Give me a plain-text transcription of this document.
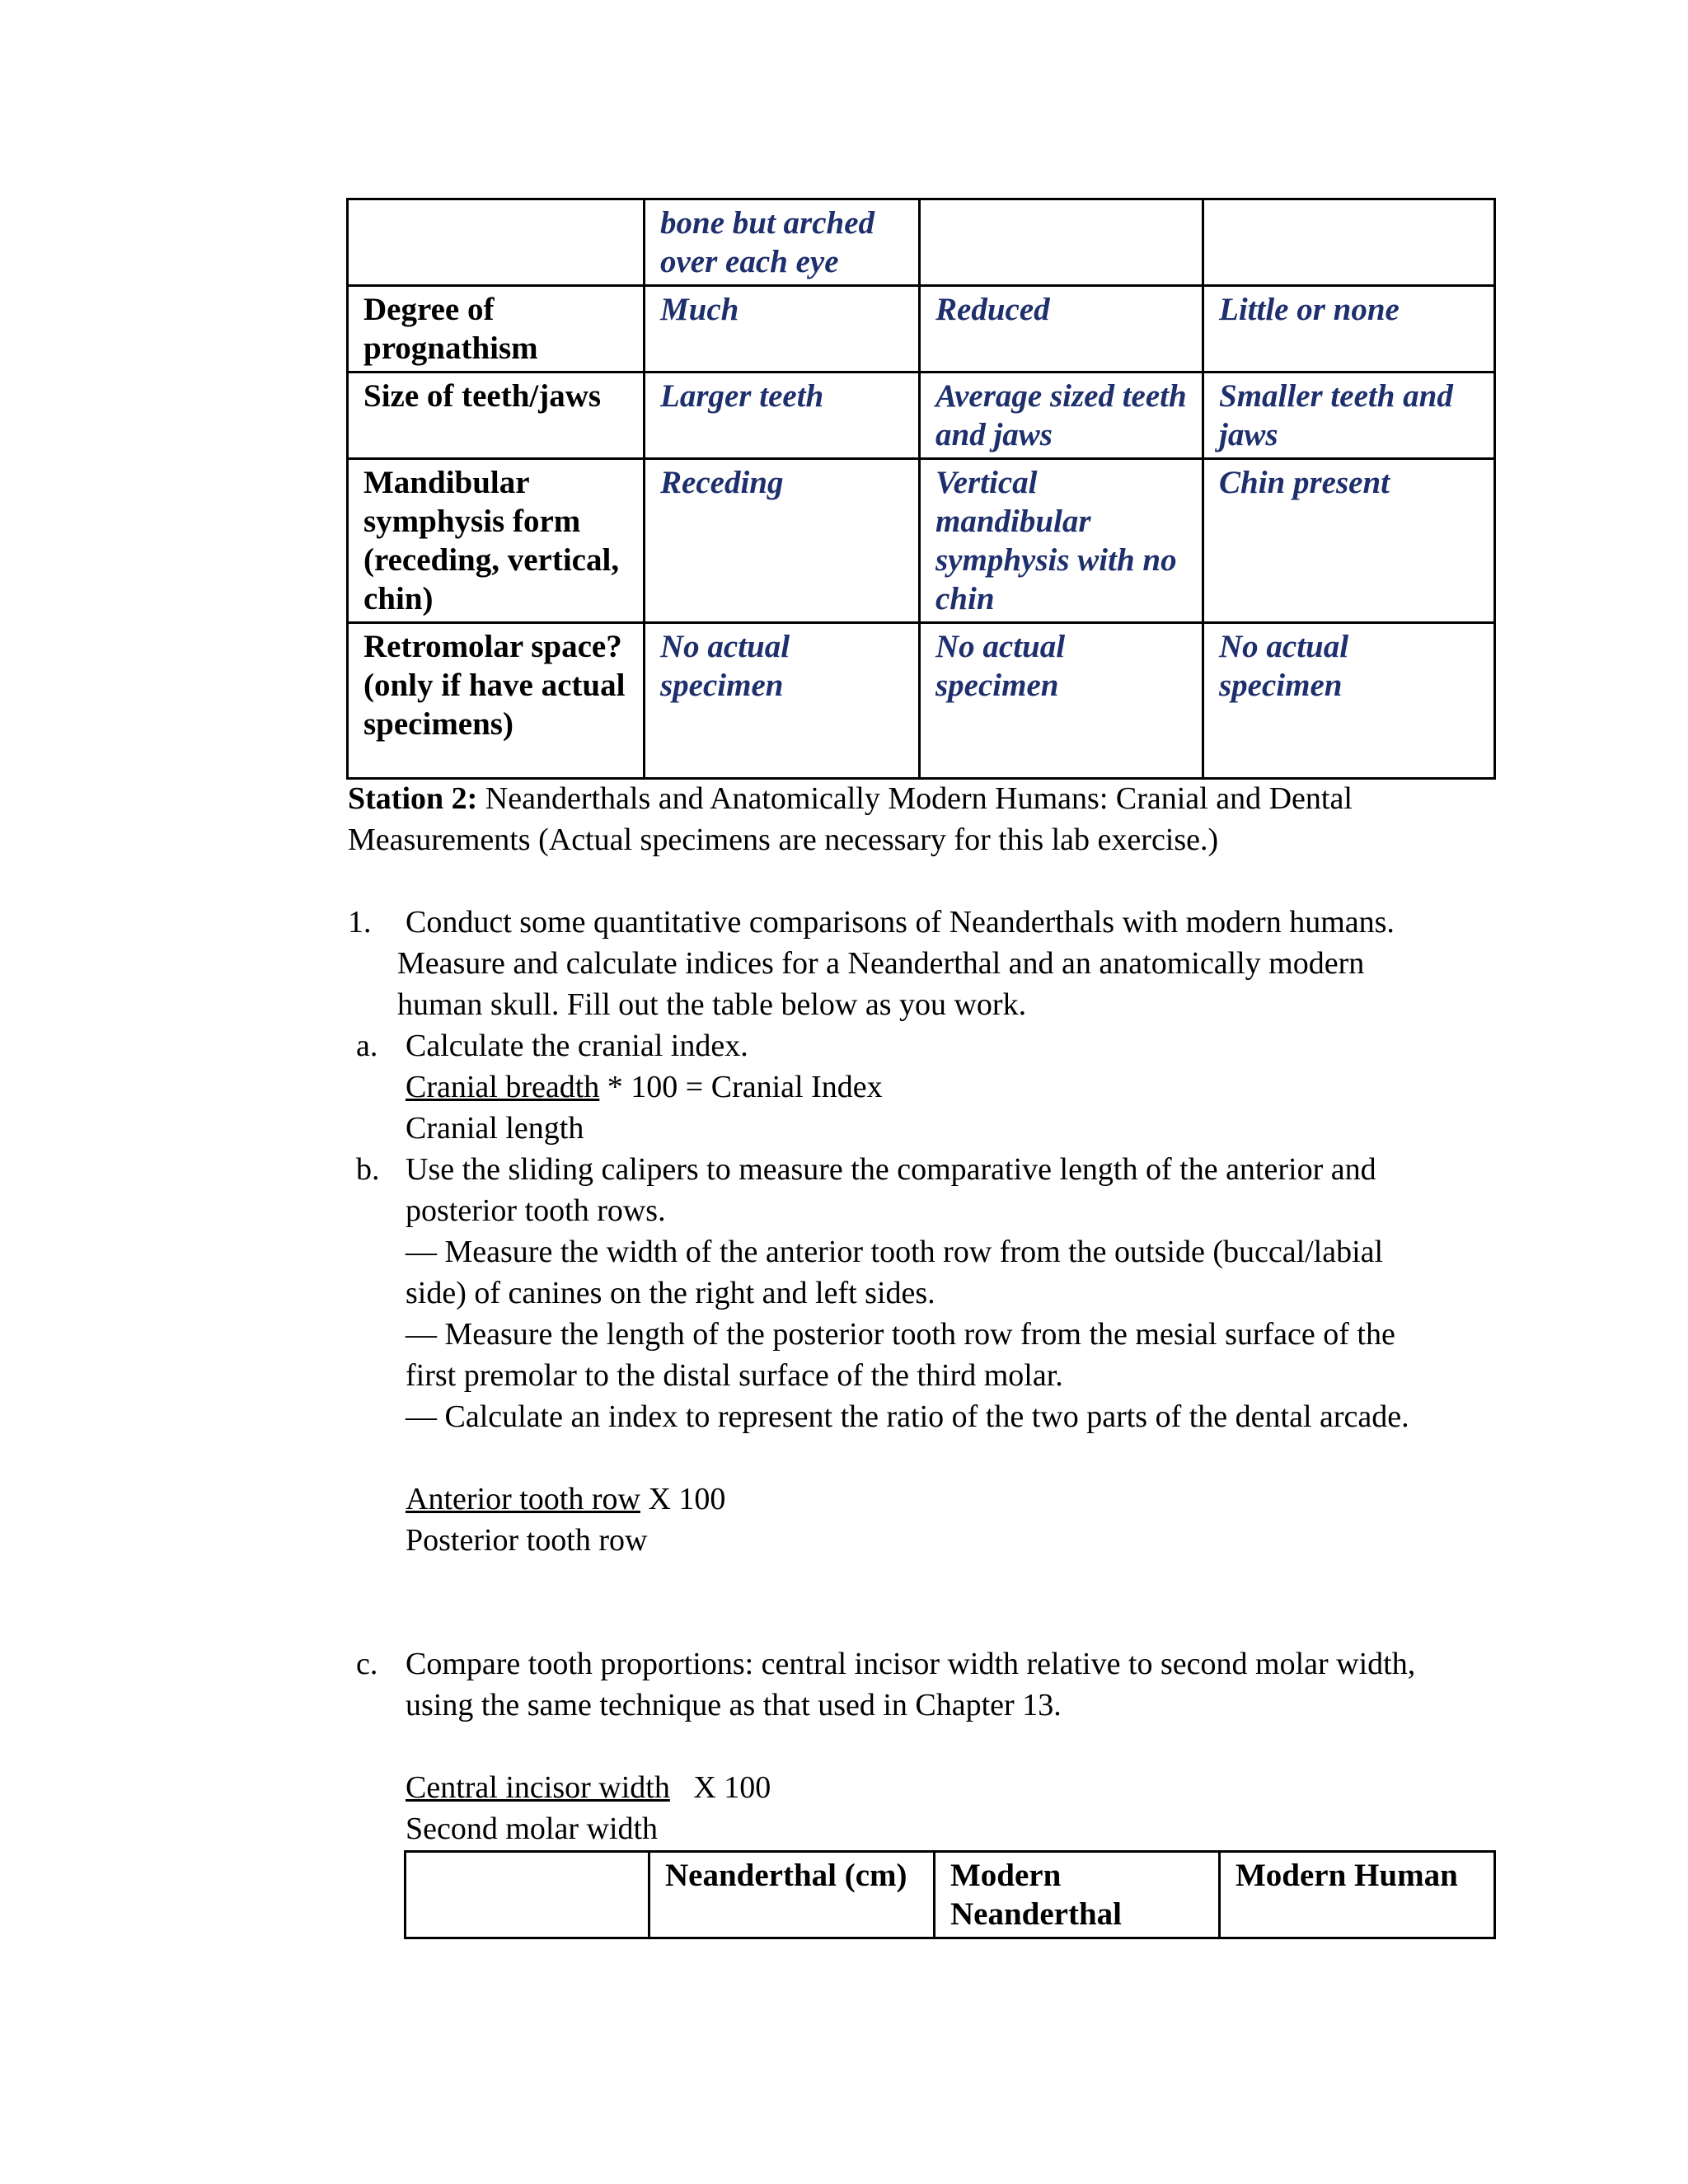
	bone but arched over each eye		
Degree of prognathism	Much	Reduced	Little or none
Size of teeth/jaws	Larger teeth	Average sized teeth and jaws	Smaller teeth and jaws
Mandibular symphysis form (receding, vertical, chin)	Receding	Vertical mandibular symphysis with no chin	Chin present
Retromolar space? (only if have actual specimens)	No actual specimen	No actual specimen	No actual specimen
Station 2: Neanderthals and Anatomically Modern Humans: Cranial and Dental
Measurements (Actual specimens are necessary for this lab exercise.)
1. Conduct some quantitative comparisons of Neanderthals with modern humans.
Measure and calculate indices for a Neanderthal and an anatomically modern
human skull. Fill out the table below as you work.
a. Calculate the cranial index.
Cranial breadth * 100 = Cranial Index
Cranial length
b. Use the sliding calipers to measure the comparative length of the anterior and
posterior tooth rows.
— Measure the width of the anterior tooth row from the outside (buccal/labial
side) of canines on the right and left sides.
— Measure the length of the posterior tooth row from the mesial surface of the
first premolar to the distal surface of the third molar.
— Calculate an index to represent the ratio of the two parts of the dental arcade.
Anterior tooth row X 100
Posterior tooth row
c. Compare tooth proportions: central incisor width relative to second molar width,
using the same technique as that used in Chapter 13.
Central incisor width   X 100
Second molar width
	Neanderthal (cm)	Modern Neanderthal	Modern Human
